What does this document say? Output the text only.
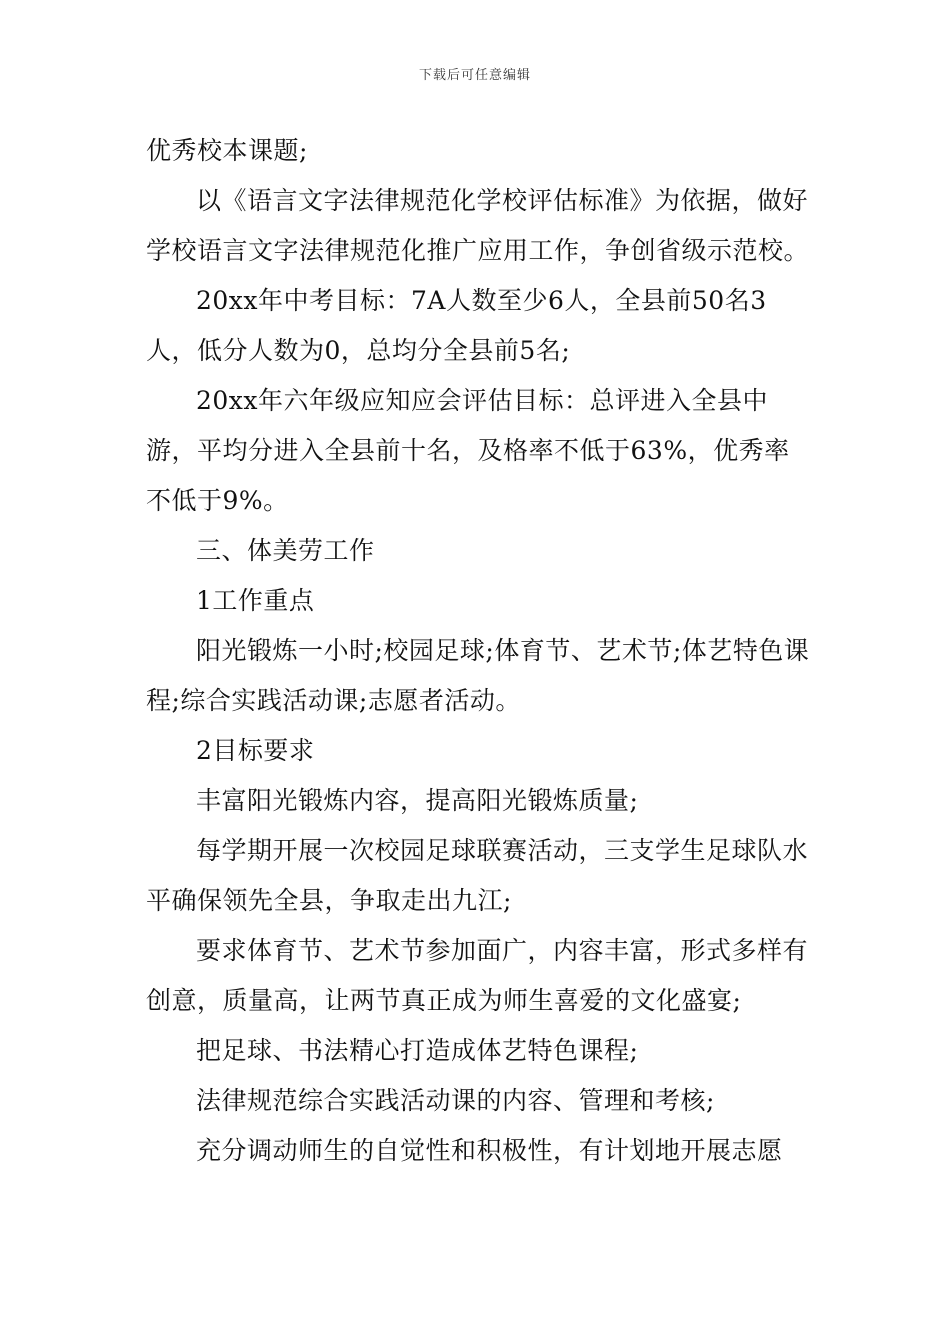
下载后可任意编辑

优秀校本课题;

以《语言文字法律规范化学校评估标准》为依据，做好学校语言文字法律规范化推广应用工作，争创省级示范校。

20xx年中考目标：7A人数至少6人，全县前50名3人，低分人数为0，总均分全县前5名;

20xx年六年级应知应会评估目标：总评进入全县中游，平均分进入全县前十名，及格率不低于63%，优秀率不低于9%。

三、体美劳工作

1工作重点

阳光锻炼一小时;校园足球;体育节、艺术节;体艺特色课程;综合实践活动课;志愿者活动。

2目标要求

丰富阳光锻炼内容，提高阳光锻炼质量;

每学期开展一次校园足球联赛活动，三支学生足球队水平确保领先全县，争取走出九江;

要求体育节、艺术节参加面广，内容丰富，形式多样有创意，质量高，让两节真正成为师生喜爱的文化盛宴;

把足球、书法精心打造成体艺特色课程;

法律规范综合实践活动课的内容、管理和考核;

充分调动师生的自觉性和积极性，有计划地开展志愿
